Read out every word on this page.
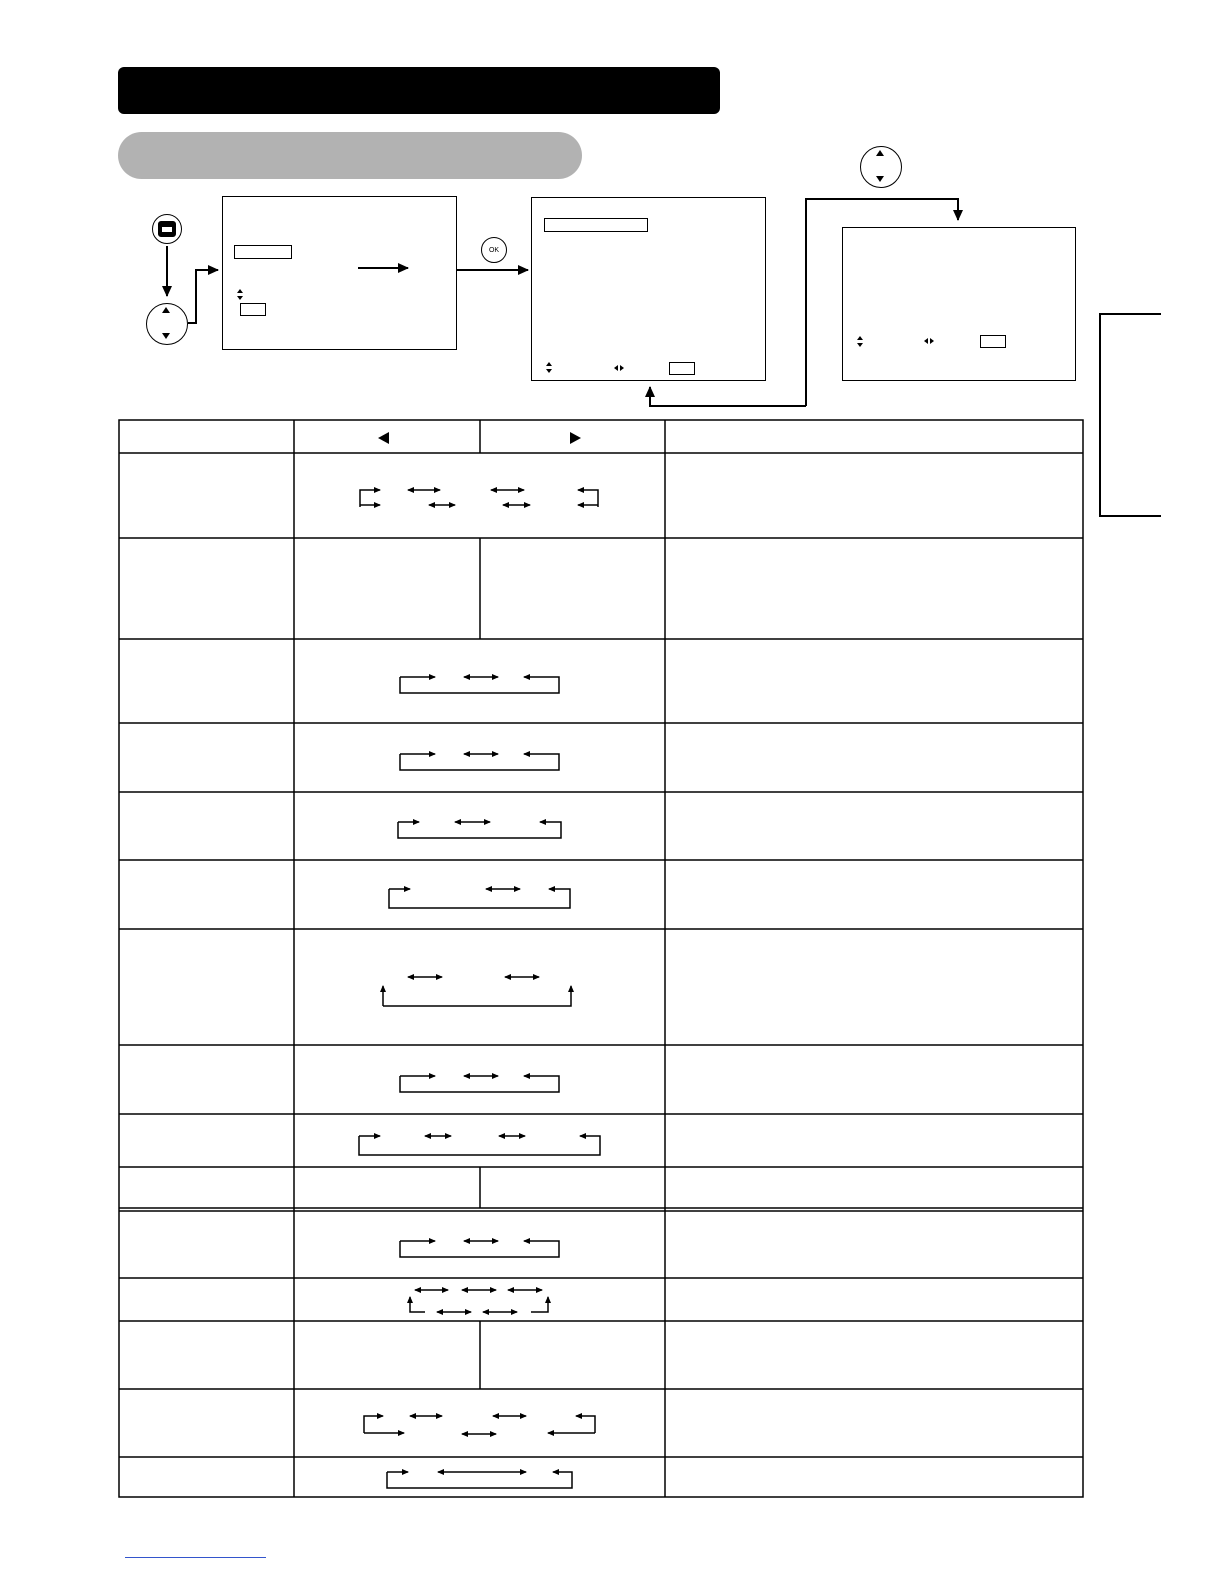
OK
